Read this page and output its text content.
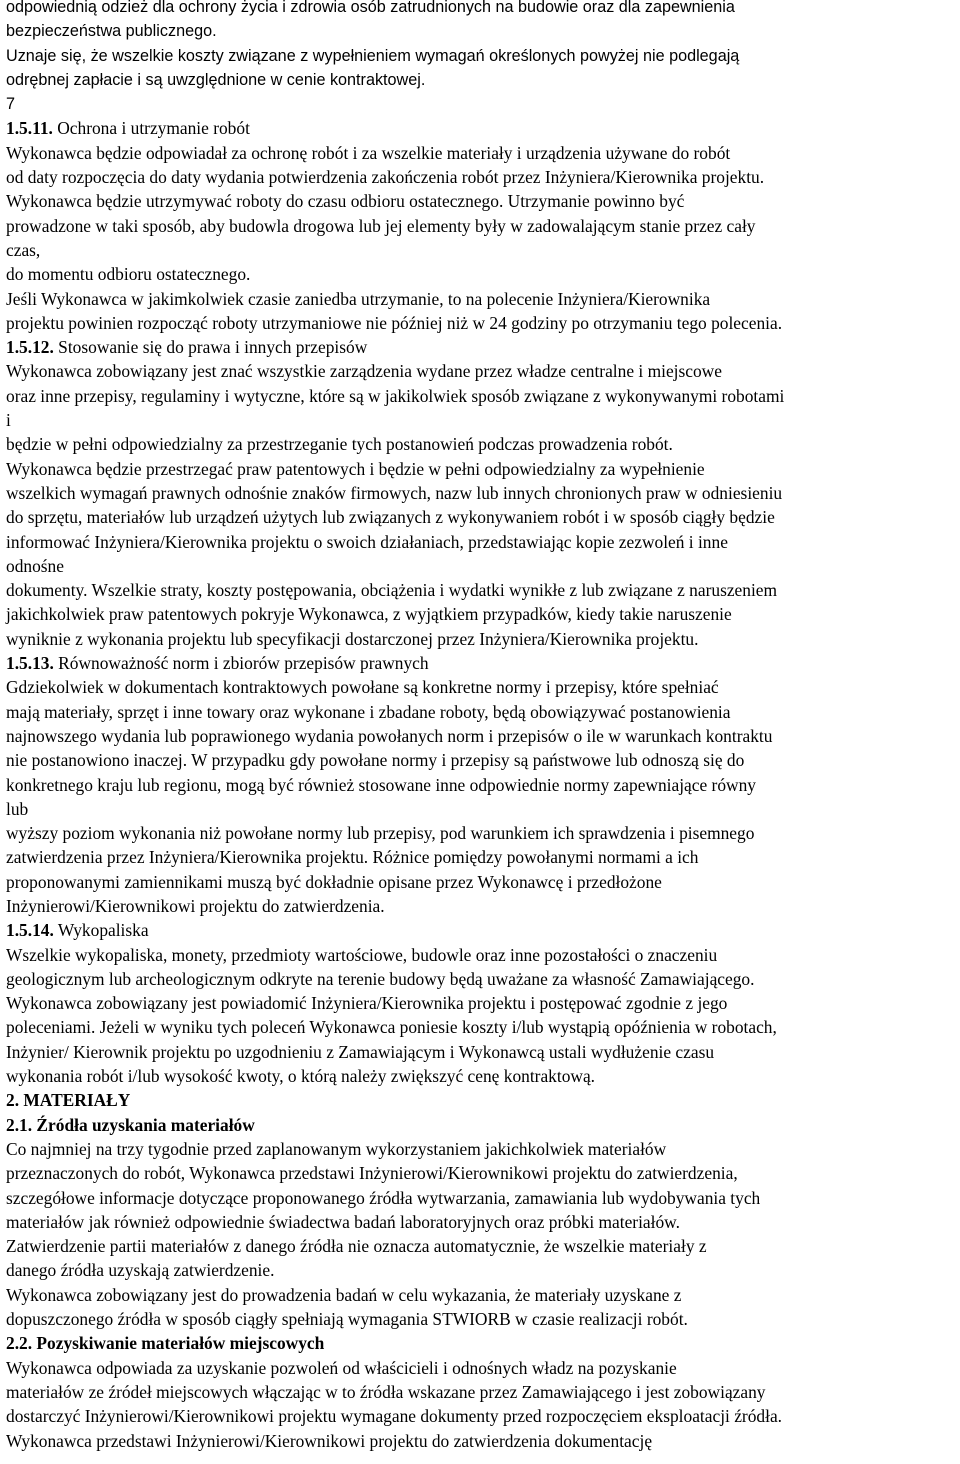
odpowiednią odzież dla ochrony życia i zdrowia osób zatrudnionych na budowie oraz dla zapewnienia
bezpieczeństwa publicznego.
Uznaje się, że wszelkie koszty związane z wypełnieniem wymagań określonych powyżej nie podlegają
odrębnej zapłacie i są uwzględnione w cenie kontraktowej.
7
1.5.11. Ochrona i utrzymanie robót
Wykonawca będzie odpowiadał za ochronę robót i za wszelkie materiały i urządzenia używane do robót
od daty rozpoczęcia do daty wydania potwierdzenia zakończenia robót przez Inżyniera/Kierownika projektu.
Wykonawca będzie utrzymywać roboty do czasu odbioru ostatecznego. Utrzymanie powinno być
prowadzone w taki sposób, aby budowla drogowa lub jej elementy były w zadowalającym stanie przez cały
czas,
do momentu odbioru ostatecznego.
Jeśli Wykonawca w jakimkolwiek czasie zaniedba utrzymanie, to na polecenie Inżyniera/Kierownika
projektu powinien rozpocząć roboty utrzymaniowe nie później niż w 24 godziny po otrzymaniu tego polecenia.
1.5.12. Stosowanie się do prawa i innych przepisów
Wykonawca zobowiązany jest znać wszystkie zarządzenia wydane przez władze centralne i miejscowe
oraz inne przepisy, regulaminy i wytyczne, które są w jakikolwiek sposób związane z wykonywanymi robotami
i
będzie w pełni odpowiedzialny za przestrzeganie tych postanowień podczas prowadzenia robót.
Wykonawca będzie przestrzegać praw patentowych i będzie w pełni odpowiedzialny za wypełnienie
wszelkich wymagań prawnych odnośnie znaków firmowych, nazw lub innych chronionych praw w odniesieniu
do sprzętu, materiałów lub urządzeń użytych lub związanych z wykonywaniem robót i w sposób ciągły będzie
informować Inżyniera/Kierownika projektu o swoich działaniach, przedstawiając kopie zezwoleń i inne
odnośne
dokumenty. Wszelkie straty, koszty postępowania, obciążenia i wydatki wynikłe z lub związane z naruszeniem
jakichkolwiek praw patentowych pokryje Wykonawca, z wyjątkiem przypadków, kiedy takie naruszenie
wyniknie z wykonania projektu lub specyfikacji dostarczonej przez Inżyniera/Kierownika projektu.
1.5.13. Równoważność norm i zbiorów przepisów prawnych
Gdziekolwiek w dokumentach kontraktowych powołane są konkretne normy i przepisy, które spełniać
mają materiały, sprzęt i inne towary oraz wykonane i zbadane roboty, będą obowiązywać postanowienia
najnowszego wydania lub poprawionego wydania powołanych norm i przepisów o ile w warunkach kontraktu
nie postanowiono inaczej. W przypadku gdy powołane normy i przepisy są państwowe lub odnoszą się do
konkretnego kraju lub regionu, mogą być również stosowane inne odpowiednie normy zapewniające równy
lub
wyższy poziom wykonania niż powołane normy lub przepisy, pod warunkiem ich sprawdzenia i pisemnego
zatwierdzenia przez Inżyniera/Kierownika projektu. Różnice pomiędzy powołanymi normami a ich
proponowanymi zamiennikami muszą być dokładnie opisane przez Wykonawcę i przedłożone
Inżynierowi/Kierownikowi projektu do zatwierdzenia.
1.5.14. Wykopaliska
Wszelkie wykopaliska, monety, przedmioty wartościowe, budowle oraz inne pozostałości o znaczeniu
geologicznym lub archeologicznym odkryte na terenie budowy będą uważane za własność Zamawiającego.
Wykonawca zobowiązany jest powiadomić Inżyniera/Kierownika projektu i postępować zgodnie z jego
poleceniami. Jeżeli w wyniku tych poleceń Wykonawca poniesie koszty i/lub wystąpią opóźnienia w robotach,
Inżynier/ Kierownik projektu po uzgodnieniu z Zamawiającym i Wykonawcą ustali wydłużenie czasu
wykonania robót i/lub wysokość kwoty, o którą należy zwiększyć cenę kontraktową.
2. MATERIAŁY
2.1. Źródła uzyskania materiałów
Co najmniej na trzy tygodnie przed zaplanowanym wykorzystaniem jakichkolwiek materiałów
przeznaczonych do robót, Wykonawca przedstawi Inżynierowi/Kierownikowi projektu do zatwierdzenia,
szczegółowe informacje dotyczące proponowanego źródła wytwarzania, zamawiania lub wydobywania tych
materiałów jak również odpowiednie świadectwa badań laboratoryjnych oraz próbki materiałów.
Zatwierdzenie partii materiałów z danego źródła nie oznacza automatycznie, że wszelkie materiały z
danego źródła uzyskają zatwierdzenie.
Wykonawca zobowiązany jest do prowadzenia badań w celu wykazania, że materiały uzyskane z
dopuszczonego źródła w sposób ciągły spełniają wymagania STWIORB w czasie realizacji robót.
2.2. Pozyskiwanie materiałów miejscowych
Wykonawca odpowiada za uzyskanie pozwoleń od właścicieli i odnośnych władz na pozyskanie
materiałów ze źródeł miejscowych włączając w to źródła wskazane przez Zamawiającego i jest zobowiązany
dostarczyć Inżynierowi/Kierownikowi projektu wymagane dokumenty przed rozpoczęciem eksploatacji źródła.
Wykonawca przedstawi Inżynierowi/Kierownikowi projektu do zatwierdzenia dokumentację
